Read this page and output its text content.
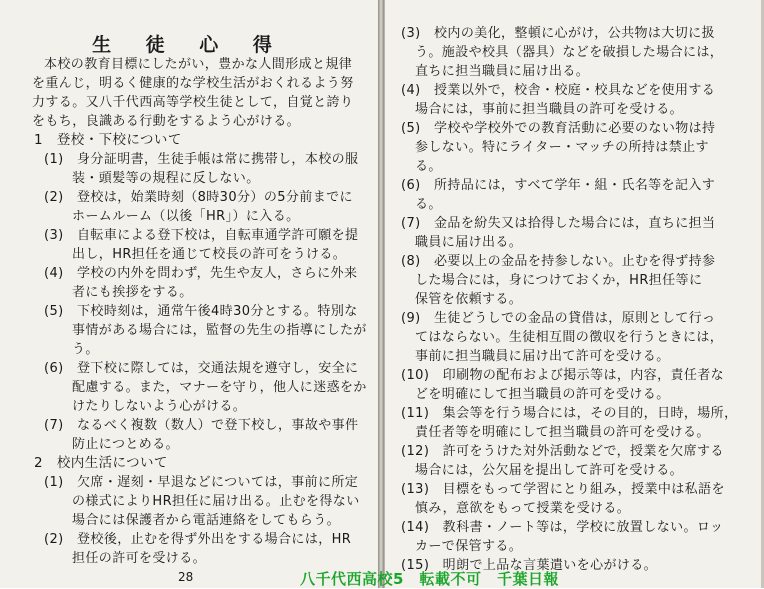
生 徒 心 得
本校の教育目標にしたがい，豊かな人間形成と規律
を重んじ，明るく健康的な学校生活がおくれるよう努
力する。又八千代西高等学校生徒として，自覚と誇り
をもち，良識ある行動をするよう心がける。
1　登校・下校について
(1)　身分証明書，生徒手帳は常に携帯し，本校の服
装・頭髪等の規程に反しない。
(2)　登校は，始業時刻（8時30分）の5分前までに
ホームルーム（以後「HR」）に入る。
(3)　自転車による登下校は，自転車通学許可願を提
出し，HR担任を通じて校長の許可をうける。
(4)　学校の内外を問わず，先生や友人，さらに外来
者にも挨拶をする。
(5)　下校時刻は，通常午後4時30分とする。特別な
事情がある場合には，監督の先生の指導にしたが
う。
(6)　登下校に際しては，交通法規を遵守し，安全に
配慮する。また，マナーを守り，他人に迷惑をか
けたりしないよう心がける。
(7)　なるべく複数（数人）で登下校し，事故や事件
防止につとめる。
2　校内生活について
(1)　欠席・遅刻・早退などについては，事前に所定
の様式によりHR担任に届け出る。止むを得ない
場合には保護者から電話連絡をしてもらう。
(2)　登校後，止むを得ず外出をする場合には，HR
担任の許可を受ける。
28
(3)　校内の美化，整頓に心がけ，公共物は大切に扱
う。施設や校具（器具）などを破損した場合には，
直ちに担当職員に届け出る。
(4)　授業以外で，校舎・校庭・校具などを使用する
場合には，事前に担当職員の許可を受ける。
(5)　学校や学校外での教育活動に必要のない物は持
参しない。特にライター・マッチの所持は禁止す
る。
(6)　所持品には，すべて学年・組・氏名等を記入す
る。
(7)　金品を紛失又は拾得した場合には，直ちに担当
職員に届け出る。
(8)　必要以上の金品を持参しない。止むを得ず持参
した場合には，身につけておくか，HR担任等に
保管を依頼する。
(9)　生徒どうしでの金品の貸借は，原則として行っ
てはならない。生徒相互間の徴収を行うときには，
事前に担当職員に届け出て許可を受ける。
(10)　印刷物の配布および掲示等は，内容，責任者な
どを明確にして担当職員の許可を受ける。
(11)　集会等を行う場合には，その目的，日時，場所，
責任者等を明確にして担当職員の許可を受ける。
(12)　許可をうけた対外活動などで，授業を欠席する
場合には，公欠届を提出して許可を受ける。
(13)　目標をもって学習にとり組み，授業中は私語を
慎み，意欲をもって授業を受ける。
(14)　教科書・ノート等は，学校に放置しない。ロッ
カーで保管する。
(15)　明朗で上品な言葉遣いを心がける。
八千代西高校5　転載不可　千葉日報
